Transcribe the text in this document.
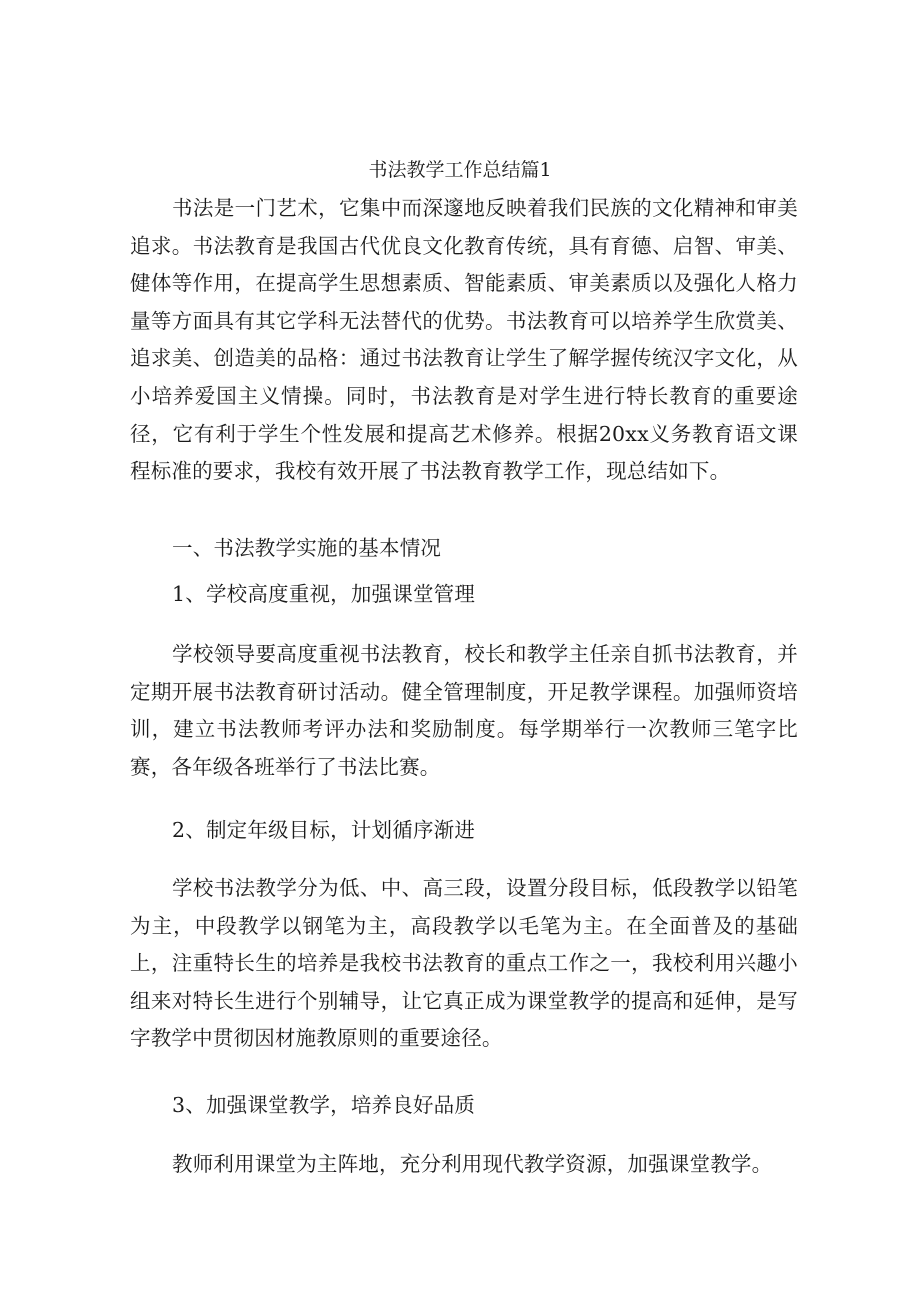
书法教学工作总结篇1
书法是一门艺术，它集中而深邃地反映着我们民族的文化精神和审美追求。书法教育是我国古代优良文化教育传统，具有育德、启智、审美、健体等作用，在提高学生思想素质、智能素质、审美素质以及强化人格力量等方面具有其它学科无法替代的优势。书法教育可以培养学生欣赏美、追求美、创造美的品格：通过书法教育让学生了解学握传统汉字文化，从小培养爱国主义情操。同时，书法教育是对学生进行特长教育的重要途径，它有利于学生个性发展和提高艺术修养。根据20xx义务教育语文课程标准的要求，我校有效开展了书法教育教学工作，现总结如下。
一、书法教学实施的基本情况
1、学校高度重视，加强课堂管理
学校领导要高度重视书法教育，校长和教学主任亲自抓书法教育，并定期开展书法教育研讨活动。健全管理制度，开足教学课程。加强师资培训，建立书法教师考评办法和奖励制度。每学期举行一次教师三笔字比赛，各年级各班举行了书法比赛。
2、制定年级目标，计划循序渐进
学校书法教学分为低、中、高三段，设置分段目标，低段教学以铅笔为主，中段教学以钢笔为主，高段教学以毛笔为主。在全面普及的基础上，注重特长生的培养是我校书法教育的重点工作之一，我校利用兴趣小组来对特长生进行个别辅导，让它真正成为课堂教学的提高和延伸，是写字教学中贯彻因材施教原则的重要途径。
3、加强课堂教学，培养良好品质
教师利用课堂为主阵地，充分利用现代教学资源，加强课堂教学。
